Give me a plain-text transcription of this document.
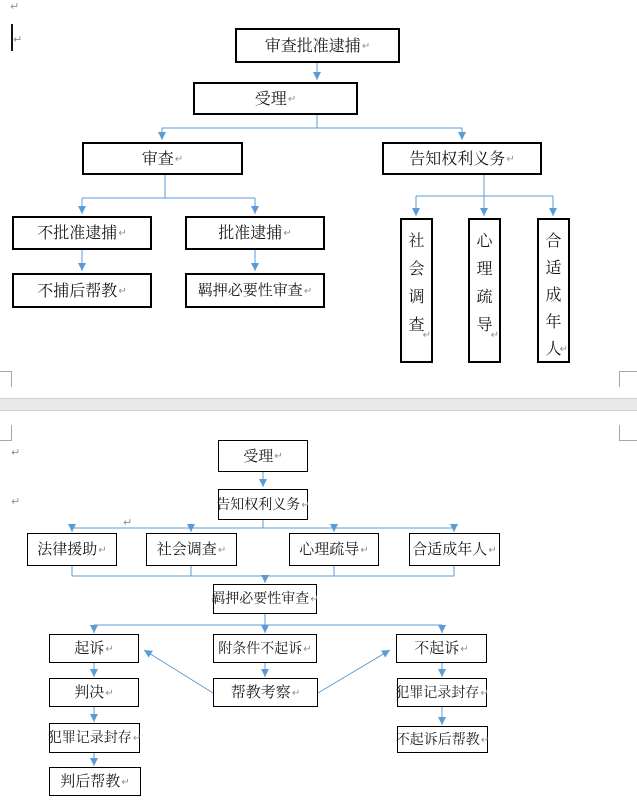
↵
↵
↵
↵
↵
审查批准逮捕 ↵
受理 ↵
审查 ↵	告知权利义务 ↵
不批准逮捕 ↵	批准逮捕 ↵
不捕后帮教 ↵	羁押必要性审查 ↵
社会调查
↵
心理疏导
↵
合适成年人
↵
受理 ↵
告知权利义务 ↵
法律援助 ↵	社会调查 ↵	心理疏导 ↵	合适成年人 ↵
羁押必要性审查 ↵
起诉 ↵	附条件不起诉 ↵	不起诉 ↵
判决 ↵	帮教考察 ↵	犯罪记录封存 ↵
犯罪记录封存 ↵	不起诉后帮教 ↵
判后帮教 ↵
